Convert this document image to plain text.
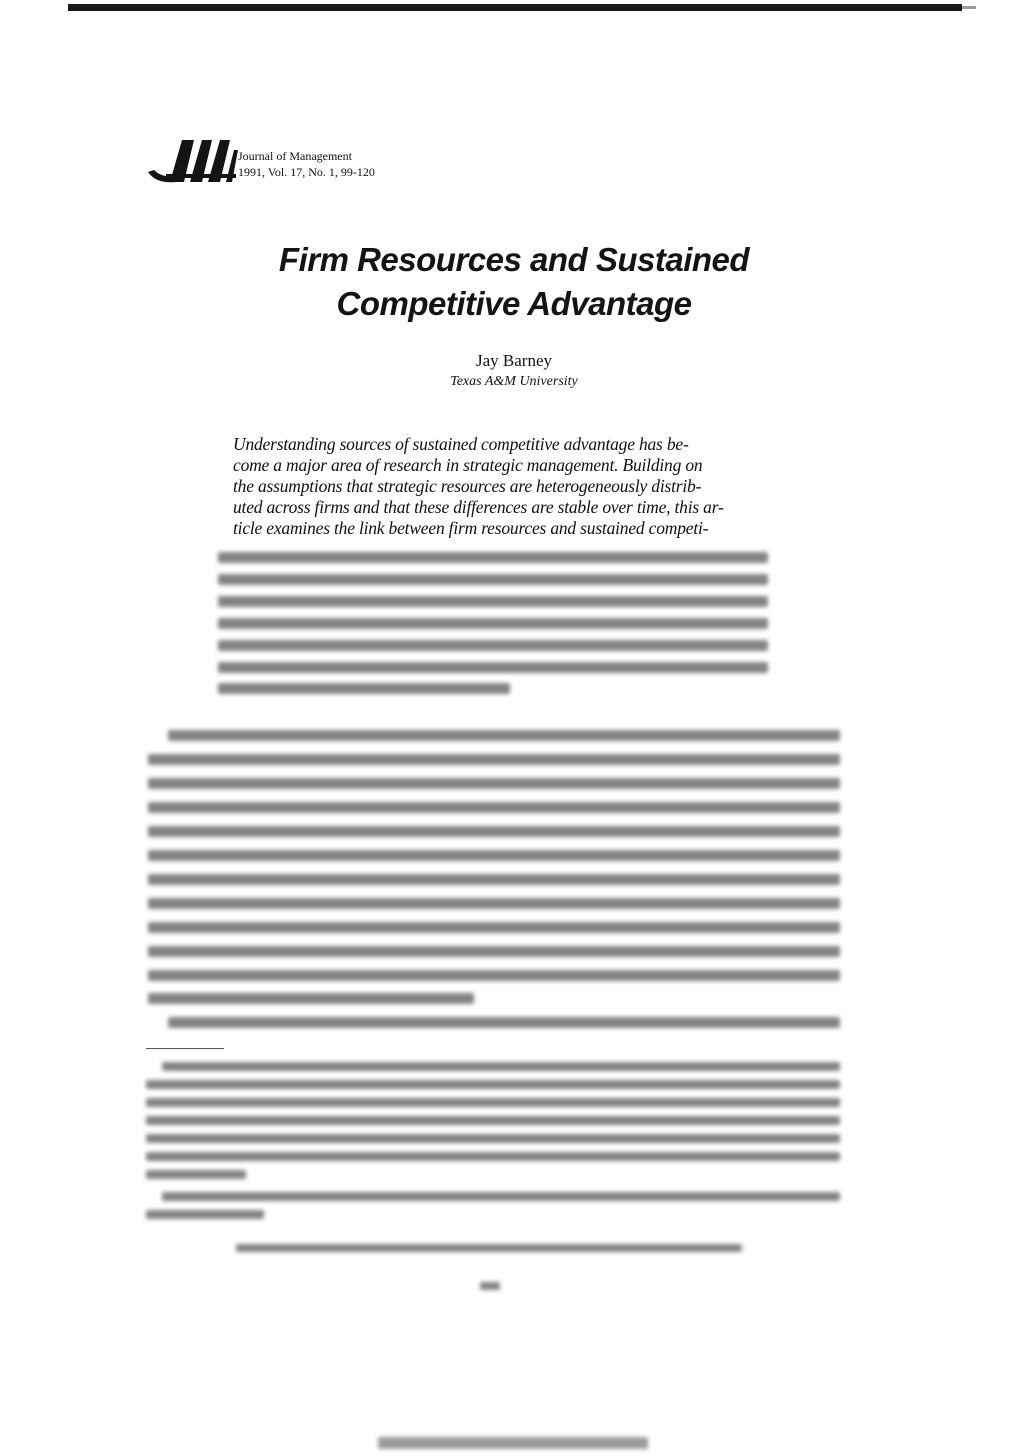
Journal of Management
1991, Vol. 17, No. 1, 99-120
Firm Resources and Sustained
Competitive Advantage
Jay Barney
Texas A&M University
Understanding sources of sustained competitive advantage has be-
come a major area of research in strategic management. Building on
the assumptions that strategic resources are heterogeneously distrib-
uted across firms and that these differences are stable over time, this ar-
ticle examines the link between firm resources and sustained competi-
